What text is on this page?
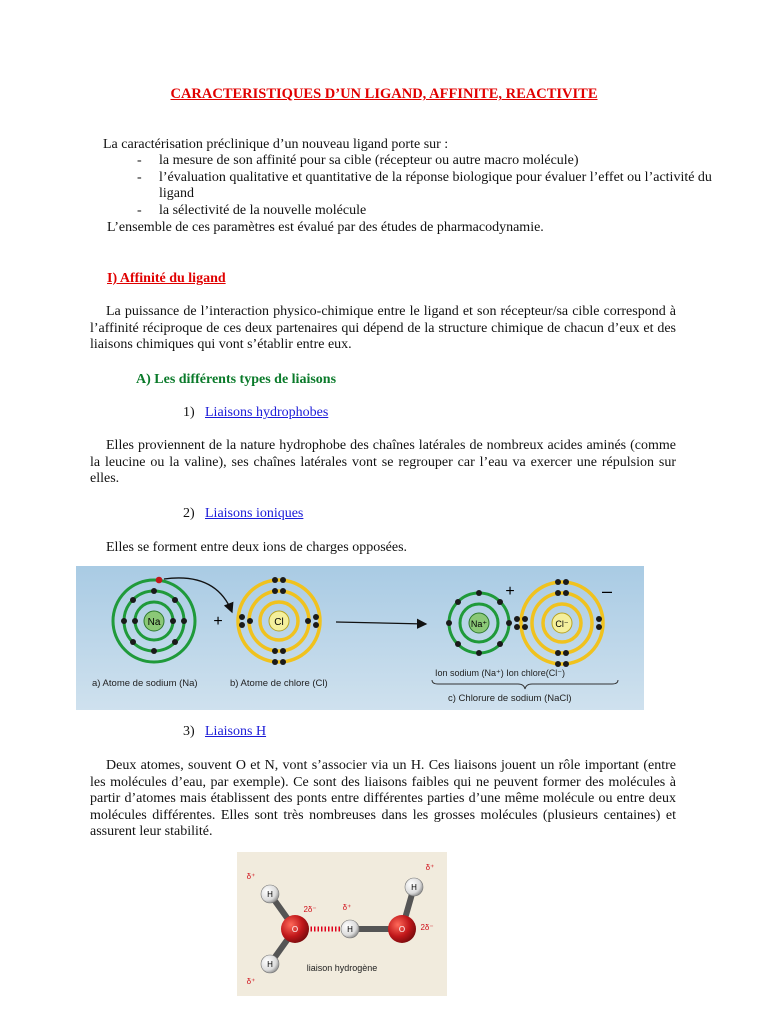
CARACTERISTIQUES D’UN LIGAND, AFFINITE, REACTIVITE
La caractérisation préclinique d’un nouveau ligand porte sur :
- la mesure de son affinité pour sa cible (récepteur ou autre macro molécule)
- l’évaluation qualitative et quantitative de la réponse biologique pour évaluer l’effet ou l’activité du ligand
- la sélectivité de la nouvelle molécule
L’ensemble de ces paramètres est évalué par des études de pharmacodynamie.
I) Affinité du ligand
La puissance de l’interaction physico-chimique entre le ligand et son récepteur/sa cible correspond à l’affinité réciproque de ces deux partenaires qui dépend de la structure chimique de chacun d’eux et des liaisons chimiques qui vont s’établir entre eux.
A) Les différents types de liaisons
1) Liaisons hydrophobes
Elles proviennent de la nature hydrophobe des chaînes latérales de nombreux acides aminés (comme la leucine ou la valine), ses chaînes latérales vont se regrouper car l’eau va exercer une répulsion sur elles.
2) Liaisons ioniques
Elles se forment entre deux ions de charges opposées.
Na	+	Cl	Na⁺
+
Cl⁻
–
a) Atome de sodium (Na)	b) Atome de chlore (Cl)
Ion sodium (Na⁺) Ion chlore(Cl⁻)
c) Chlorure de sodium (NaCl)
3) Liaisons H
Deux atomes, souvent O et N, vont s’associer via un H. Ces liaisons jouent un rôle important (entre les molécules d’eau, par exemple). Ce sont des liaisons faibles qui ne peuvent former des molécules à partir d’atomes mais établissent des ponts entre différentes parties d’une même molécule ou entre deux molécules différentes. Elles sont très nombreuses dans les grosses molécules (plusieurs centaines) et assurent leur stabilité.
H
H
H
H
O	O
δ⁺
δ⁺
δ⁺
δ⁺
2δ⁻
2δ⁻
liaison hydrogène
